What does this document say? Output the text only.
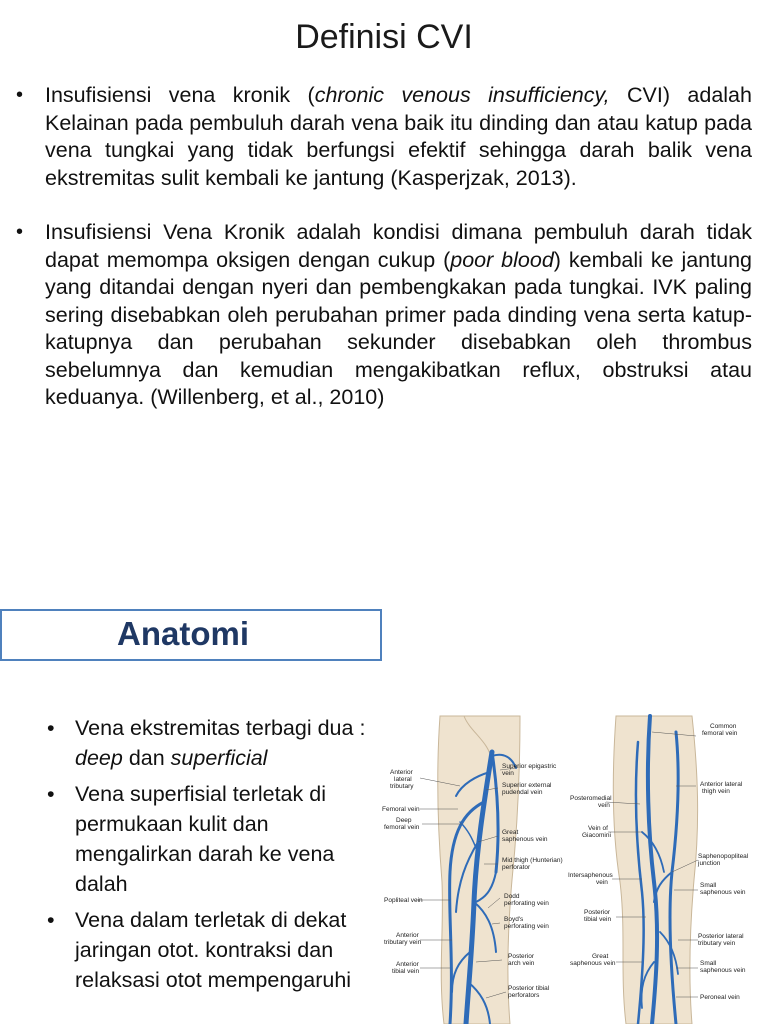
Definisi CVI
• Insufisiensi vena kronik (chronic venous insufficiency, CVI) adalah Kelainan pada pembuluh darah vena baik itu dinding dan atau katup pada vena tungkai yang tidak berfungsi efektif sehingga darah balik vena ekstremitas sulit kembali ke jantung (Kasperjzak, 2013).
• Insufisiensi Vena Kronik adalah kondisi dimana pembuluh darah tidak dapat memompa oksigen dengan cukup (poor blood) kembali ke jantung yang ditandai dengan nyeri dan pembengkakan pada tungkai. IVK paling sering disebabkan oleh perubahan primer pada dinding vena serta katup-katupnya dan perubahan sekunder disebabkan oleh thrombus sebelumnya dan kemudian mengakibatkan reflux, obstruksi atau keduanya. (Willenberg, et al., 2010)
Anatomi
• Vena ekstremitas terbagi dua : deep dan superficial
• Vena superfisial terletak di permukaan kulit dan mengalirkan darah ke vena dalah
• Vena dalam terletak di dekat jaringan otot. kontraksi dan relaksasi otot mempengaruhi
Superior epigastric
vein
Anterior
lateral
tributary	Superior external
pudendal vein
Femoral vein
Deep
femoral vein
Great
saphenous vein
Mid thigh (Hunterian)
perforator
Popliteal vein
Dodd
perforating vein
Boyd's
perforating vein
Anterior
tributary vein
Posterior
arch vein
Anterior
tibial vein
Posterior tibial
perforators
Common
femoral vein
Anterior lateral
thigh vein
Posteromedial
vein
Vein of
Giacomini
Saphenopopliteal
junction
Intersaphenous
vein	Small
saphenous vein
Posterior
tibial vein
Posterior lateral
tributary vein
Great
saphenous vein	Small
saphenous vein
Peroneal vein
